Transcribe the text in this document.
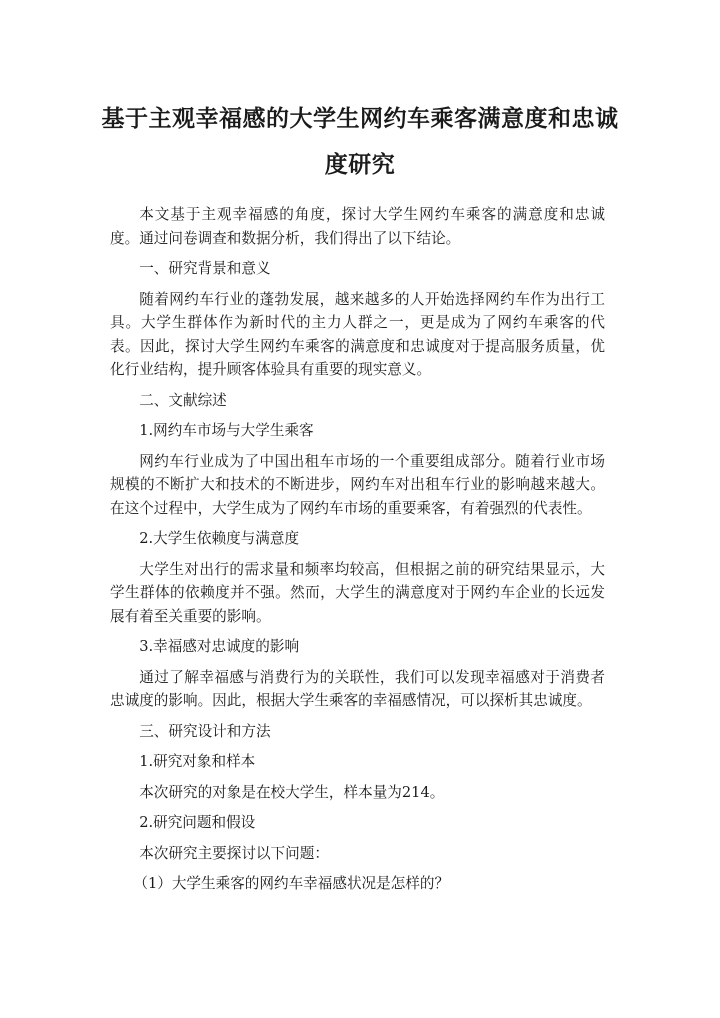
基于主观幸福感的大学生网约车乘客满意度和忠诚
度研究

本文基于主观幸福感的角度，探讨大学生网约车乘客的满意度和忠诚度。通过问卷调查和数据分析，我们得出了以下结论。

一、研究背景和意义

随着网约车行业的蓬勃发展，越来越多的人开始选择网约车作为出行工具。大学生群体作为新时代的主力人群之一，更是成为了网约车乘客的代表。因此，探讨大学生网约车乘客的满意度和忠诚度对于提高服务质量，优化行业结构，提升顾客体验具有重要的现实意义。

二、文献综述

1.网约车市场与大学生乘客

网约车行业成为了中国出租车市场的一个重要组成部分。随着行业市场规模的不断扩大和技术的不断进步，网约车对出租车行业的影响越来越大。在这个过程中，大学生成为了网约车市场的重要乘客，有着强烈的代表性。

2.大学生依赖度与满意度

大学生对出行的需求量和频率均较高，但根据之前的研究结果显示，大学生群体的依赖度并不强。然而，大学生的满意度对于网约车企业的长远发展有着至关重要的影响。

3.幸福感对忠诚度的影响

通过了解幸福感与消费行为的关联性，我们可以发现幸福感对于消费者忠诚度的影响。因此，根据大学生乘客的幸福感情况，可以探析其忠诚度。

三、研究设计和方法

1.研究对象和样本

本次研究的对象是在校大学生，样本量为214。

2.研究问题和假设

本次研究主要探讨以下问题：

（1）大学生乘客的网约车幸福感状况是怎样的？
